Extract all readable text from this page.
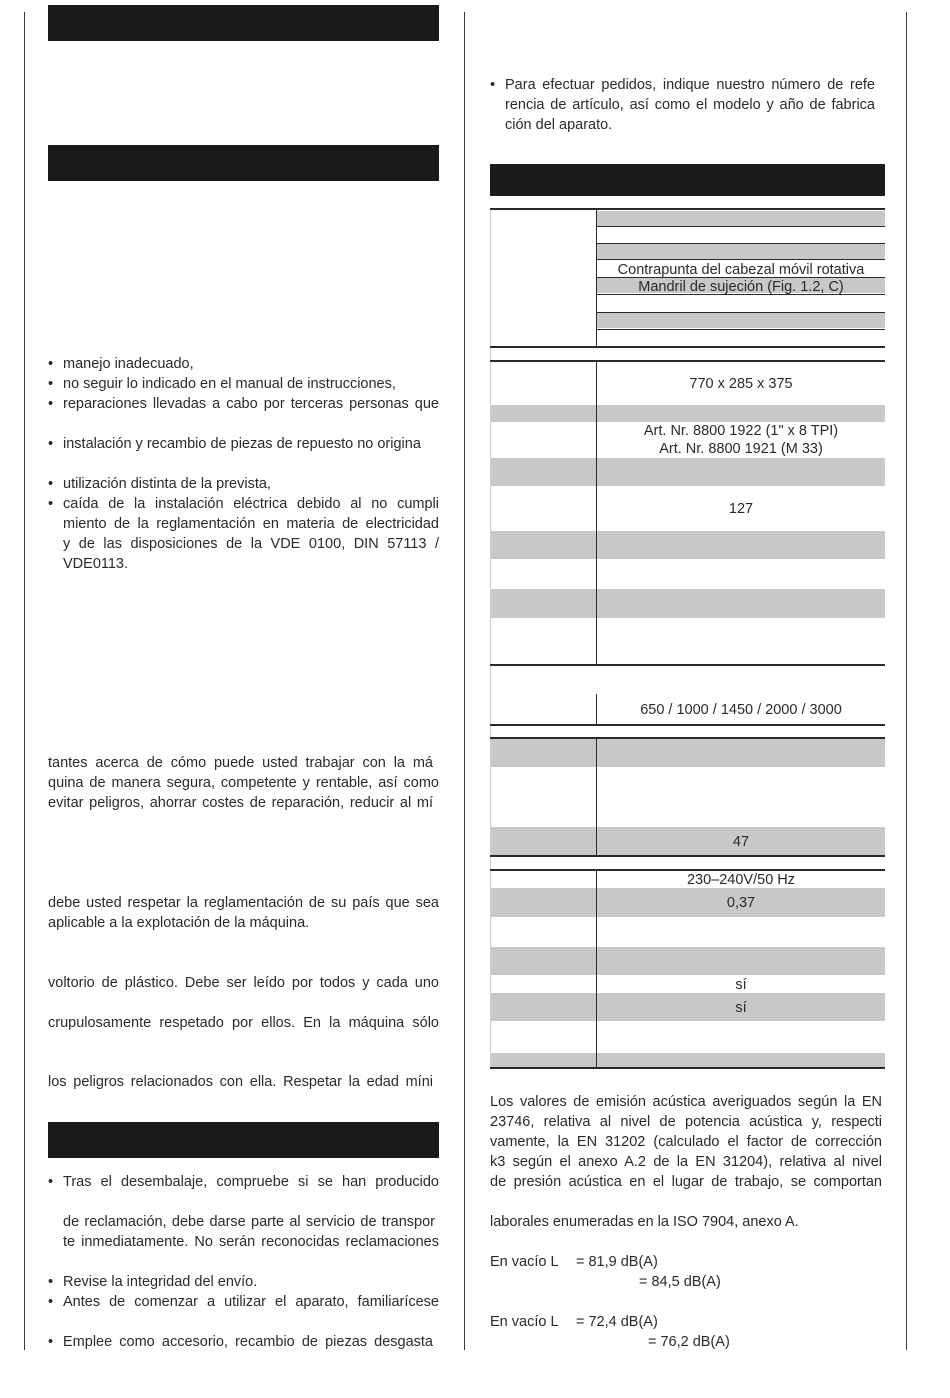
• manejo inadecuado,
• no seguir lo indicado en el manual de instrucciones,
• reparaciones llevadas a cabo por terceras personas que
• instalación y recambio de piezas de repuesto no origina
• utilización distinta de la prevista,
• caída de la instalación eléctrica debido al no cumpli
miento de la reglamentación en materia de electricidad
y de las disposiciones de la VDE 0100, DIN 57113 /
VDE0113.
tantes acerca de cómo puede usted trabajar con la má
quina de manera segura, competente y rentable, así como
evitar peligros, ahorrar costes de reparación, reducir al mí
debe usted respetar la reglamentación de su país que sea
aplicable a la explotación de la máquina.
voltorio de plástico. Debe ser leído por todos y cada uno
crupulosamente respetado por ellos. En la máquina sólo
los peligros relacionados con ella. Respetar la edad míni
• Tras el desembalaje, compruebe si se han producido
de reclamación, debe darse parte al servicio de transpor
te inmediatamente. No serán reconocidas reclamaciones
• Revise la integridad del envío.
• Antes de comenzar a utilizar el aparato, familiarícese
• Emplee como accesorio, recambio de piezas desgasta
• Para efectuar pedidos, indique nuestro número de refe
rencia de artículo, así como el modelo y año de fabrica
ción del aparato.
Contrapunta del cabezal móvil rotativa
Mandril de sujeción (Fig. 1.2, C)
770 x 285 x 375
Art. Nr. 8800 1922 (1" x 8 TPI)
Art. Nr. 8800 1921 (M 33)
127
650 / 1000 / 1450 / 2000 / 3000
47
230–240V/50 Hz
0,37
sí
sí
Los valores de emisión acústica averiguados según la EN
23746, relativa al nivel de potencia acústica y, respecti
vamente, la EN 31202 (calculado el factor de corrección
k3 según el anexo A.2 de la EN 31204), relativa al nivel
de presión acústica en el lugar de trabajo, se comportan
laborales enumeradas en la ISO 7904, anexo A.
En vacío L	= 81,9 dB(A)
= 84,5 dB(A)
En vacío L	= 72,4 dB(A)
= 76,2 dB(A)
